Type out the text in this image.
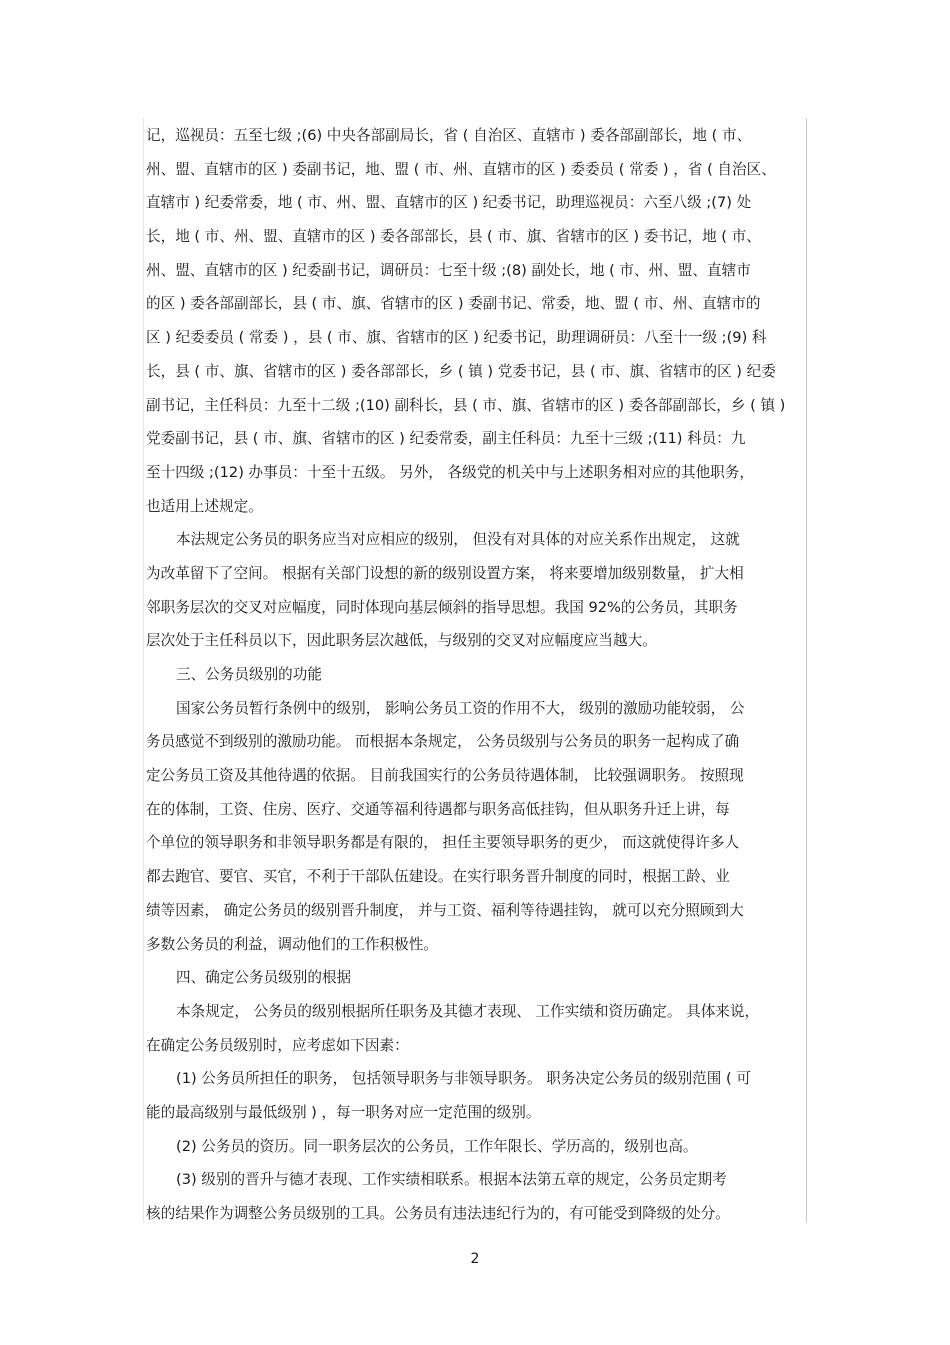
记，巡视员：五至七级 ;(6) 中央各部副局长，省 ( 自治区、直辖市 ) 委各部副部长，地 ( 市、
州、盟、直辖市的区 ) 委副书记，地、盟 ( 市、州、直辖市的区 ) 委委员 ( 常委 ) ，省 ( 自治区、
直辖市 ) 纪委常委，地 ( 市、州、盟、直辖市的区 ) 纪委书记，助理巡视员：六至八级 ;(7) 处
长，地 ( 市、州、盟、直辖市的区 ) 委各部部长，县 ( 市、旗、省辖市的区 ) 委书记，地 ( 市、
州、盟、直辖市的区 ) 纪委副书记，调研员：七至十级 ;(8) 副处长，地 ( 市、州、盟、直辖市
的区 ) 委各部副部长，县 ( 市、旗、省辖市的区 ) 委副书记、常委，地、盟 ( 市、州、直辖市的
区 ) 纪委委员 ( 常委 ) ，县 ( 市、旗、省辖市的区 ) 纪委书记，助理调研员：八至十一级 ;(9) 科
长，县 ( 市、旗、省辖市的区 ) 委各部部长，乡 ( 镇 ) 党委书记，县 ( 市、旗、省辖市的区 ) 纪委
副书记，主任科员：九至十二级 ;(10) 副科长，县 ( 市、旗、省辖市的区 ) 委各部副部长，乡 ( 镇 )
党委副书记，县 ( 市、旗、省辖市的区 ) 纪委常委，副主任科员：九至十三级 ;(11) 科员：九
至十四级 ;(12) 办事员：十至十五级。 另外， 各级党的机关中与上述职务相对应的其他职务，
也适用上述规定。
本法规定公务员的职务应当对应相应的级别， 但没有对具体的对应关系作出规定， 这就
为改革留下了空间。 根据有关部门设想的新的级别设置方案， 将来要增加级别数量， 扩大相
邻职务层次的交叉对应幅度，同时体现向基层倾斜的指导思想。我国 92%的公务员，其职务
层次处于主任科员以下，因此职务层次越低，与级别的交叉对应幅度应当越大。
三、公务员级别的功能
国家公务员暂行条例中的级别， 影响公务员工资的作用不大， 级别的激励功能较弱， 公
务员感觉不到级别的激励功能。 而根据本条规定， 公务员级别与公务员的职务一起构成了确
定公务员工资及其他待遇的依据。 目前我国实行的公务员待遇体制， 比较强调职务。 按照现
在的体制，工资、住房、医疗、交通等福利待遇都与职务高低挂钩，但从职务升迁上讲，每
个单位的领导职务和非领导职务都是有限的， 担任主要领导职务的更少， 而这就使得许多人
都去跑官、要官、买官，不利于干部队伍建设。在实行职务晋升制度的同时，根据工龄、业
绩等因素， 确定公务员的级别晋升制度， 并与工资、福利等待遇挂钩， 就可以充分照顾到大
多数公务员的利益，调动他们的工作积极性。
四、确定公务员级别的根据
本条规定， 公务员的级别根据所任职务及其德才表现、 工作实绩和资历确定。 具体来说，
在确定公务员级别时，应考虑如下因素：
(1) 公务员所担任的职务， 包括领导职务与非领导职务。 职务决定公务员的级别范围 ( 可
能的最高级别与最低级别 ) ，每一职务对应一定范围的级别。
(2) 公务员的资历。同一职务层次的公务员，工作年限长、学历高的，级别也高。
(3) 级别的晋升与德才表现、工作实绩相联系。根据本法第五章的规定，公务员定期考
核的结果作为调整公务员级别的工具。公务员有违法违纪行为的，有可能受到降级的处分。
2
